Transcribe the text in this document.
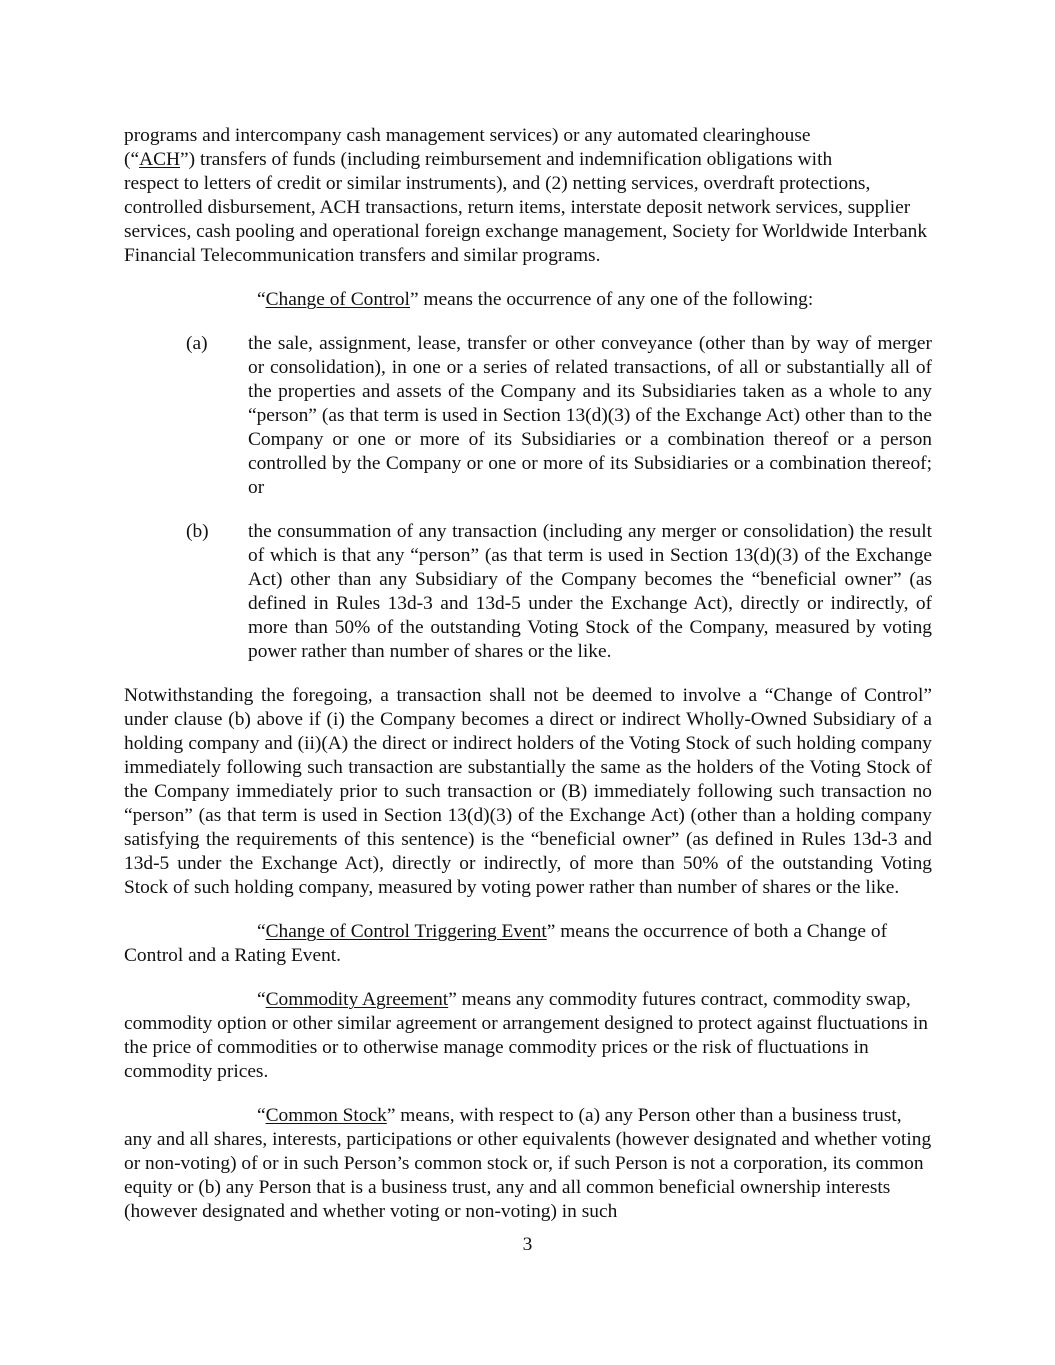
programs and intercompany cash management services) or any automated clearinghouse
(“ACH”) transfers of funds (including reimbursement and indemnification obligations with
respect to letters of credit or similar instruments), and (2) netting services, overdraft protections, controlled disbursement, ACH transactions, return items, interstate deposit network services, supplier services, cash pooling and operational foreign exchange management, Society for Worldwide Interbank Financial Telecommunication transfers and similar programs.

“Change of Control” means the occurrence of any one of the following:

(a) the sale, assignment, lease, transfer or other conveyance (other than by way of merger or consolidation), in one or a series of related transactions, of all or substantially all of the properties and assets of the Company and its Subsidiaries taken as a whole to any “person” (as that term is used in Section 13(d)(3) of the Exchange Act) other than to the Company or one or more of its Subsidiaries or a combination thereof or a person controlled by the Company or one or more of its Subsidiaries or a combination thereof; or

(b) the consummation of any transaction (including any merger or consolidation) the result of which is that any “person” (as that term is used in Section 13(d)(3) of the Exchange Act) other than any Subsidiary of the Company becomes the “beneficial owner” (as defined in Rules 13d-3 and 13d-5 under the Exchange Act), directly or indirectly, of more than 50% of the outstanding Voting Stock of the Company, measured by voting power rather than number of shares or the like.

Notwithstanding the foregoing, a transaction shall not be deemed to involve a “Change of Control” under clause (b) above if (i) the Company becomes a direct or indirect Wholly-Owned Subsidiary of a holding company and (ii)(A) the direct or indirect holders of the Voting Stock of such holding company immediately following such transaction are substantially the same as the holders of the Voting Stock of the Company immediately prior to such transaction or (B) immediately following such transaction no “person” (as that term is used in Section 13(d)(3) of the Exchange Act) (other than a holding company satisfying the requirements of this sentence) is the “beneficial owner” (as defined in Rules 13d-3 and 13d-5 under the Exchange Act), directly or indirectly, of more than 50% of the outstanding Voting Stock of such holding company, measured by voting power rather than number of shares or the like.

“Change of Control Triggering Event” means the occurrence of both a Change of Control and a Rating Event.

“Commodity Agreement” means any commodity futures contract, commodity swap, commodity option or other similar agreement or arrangement designed to protect against fluctuations in the price of commodities or to otherwise manage commodity prices or the risk of fluctuations in commodity prices.

“Common Stock” means, with respect to (a) any Person other than a business trust, any and all shares, interests, participations or other equivalents (however designated and whether voting or non-voting) of or in such Person’s common stock or, if such Person is not a corporation, its common equity or (b) any Person that is a business trust, any and all common beneficial ownership interests (however designated and whether voting or non-voting) in such

3
